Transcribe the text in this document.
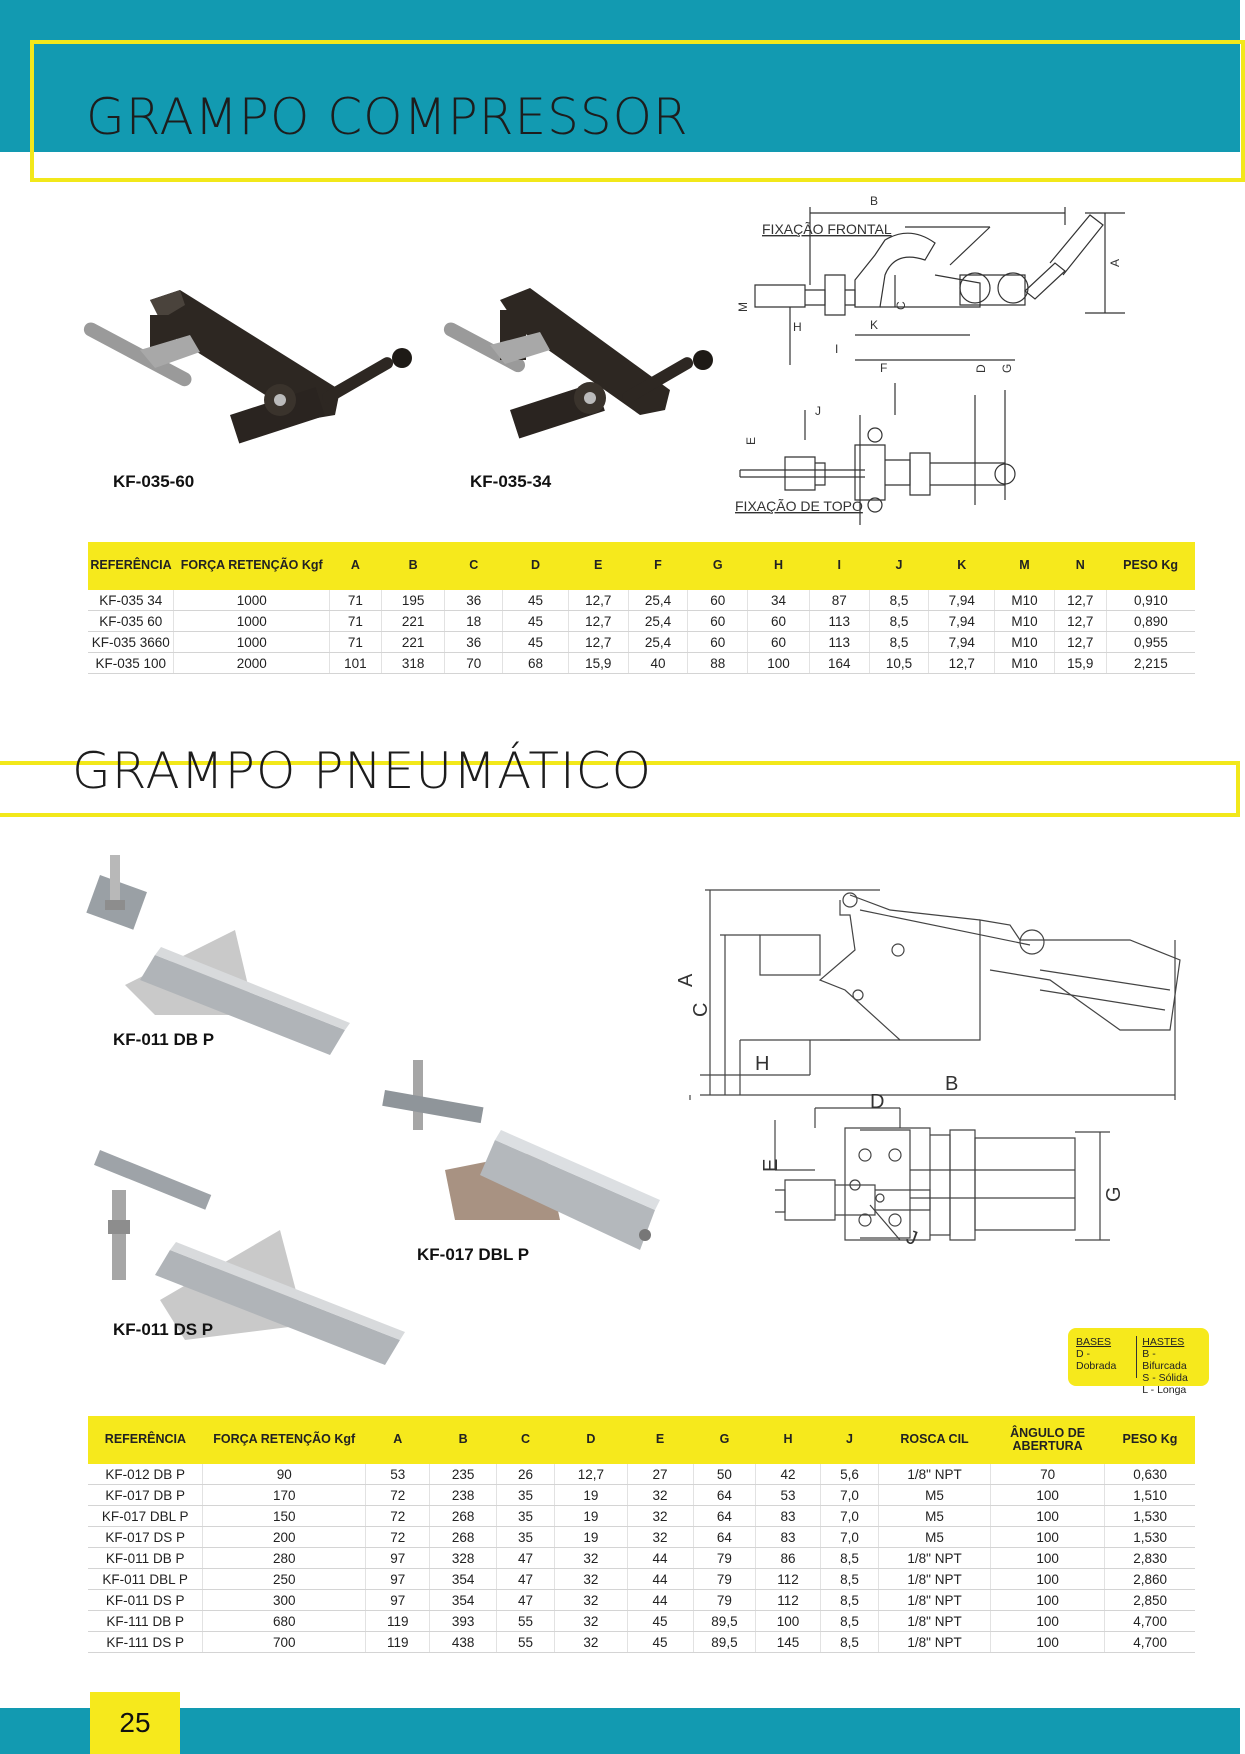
GRAMPO COMPRESSOR
KF-035-60	KF-035-34
B
FIXAÇÃO FRONTAL
A
M
H
C
K
I
F
J
D G
E
FIXAÇÃO DE TOPO
REFERÊNCIA	FORÇA RETENÇÃO Kgf	A	B	C	D	E	F	G	H	I	J	K	M	N	PESO Kg
KF-035 34	1000	71	195	36	45	12,7	25,4	60	34	87	8,5	7,94	M10	12,7	0,910
KF-035 60	1000	71	221	18	45	12,7	25,4	60	60	113	8,5	7,94	M10	12,7	0,890
KF-035 3660	1000	71	221	36	45	12,7	25,4	60	60	113	8,5	7,94	M10	12,7	0,955
KF-035 100	2000	101	318	70	68	15,9	40	88	100	164	10,5	12,7	M10	15,9	2,215
GRAMPO PNEUMÁTICO
KF-011 DB P
KF-017 DBL P
KF-011 DS P
A
C
H
B
D
E
J
G
BASES
D - Dobrada
HASTES
B - Bifurcada
S - Sólida
L - Longa
REFERÊNCIA	FORÇA RETENÇÃO Kgf	A	B	C	D	E	G	H	J	ROSCA CIL	ÂNGULO DE ABERTURA	PESO Kg
KF-012 DB P	90	53	235	26	12,7	27	50	42	5,6	1/8" NPT	70	0,630
KF-017 DB P	170	72	238	35	19	32	64	53	7,0	M5	100	1,510
KF-017 DBL P	150	72	268	35	19	32	64	83	7,0	M5	100	1,530
KF-017 DS P	200	72	268	35	19	32	64	83	7,0	M5	100	1,530
KF-011 DB P	280	97	328	47	32	44	79	86	8,5	1/8" NPT	100	2,830
KF-011 DBL P	250	97	354	47	32	44	79	112	8,5	1/8" NPT	100	2,860
KF-011 DS P	300	97	354	47	32	44	79	112	8,5	1/8" NPT	100	2,850
KF-111 DB P	680	119	393	55	32	45	89,5	100	8,5	1/8" NPT	100	4,700
KF-111 DS P	700	119	438	55	32	45	89,5	145	8,5	1/8" NPT	100	4,700
25
